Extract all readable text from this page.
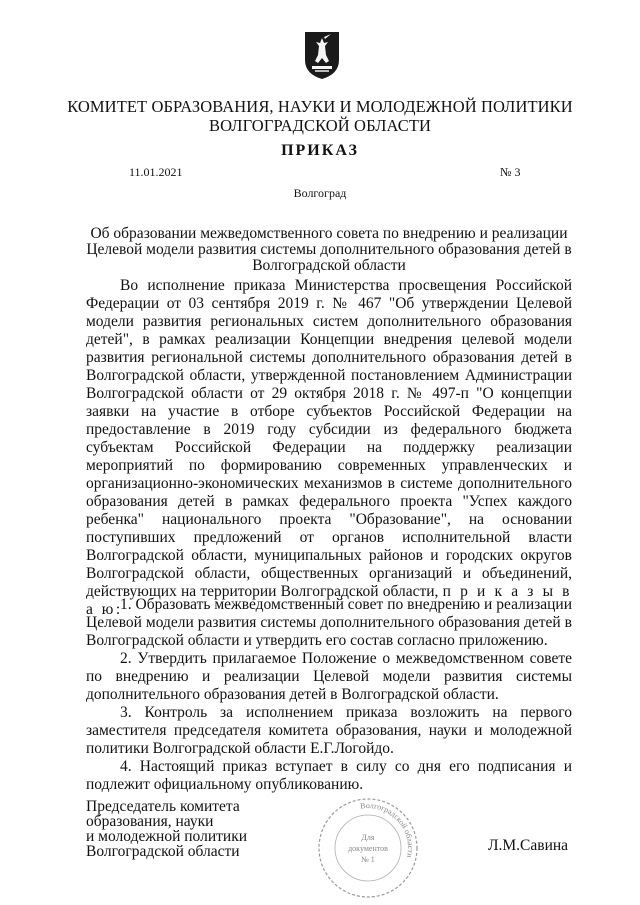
КОМИТЕТ ОБРАЗОВАНИЯ, НАУКИ И МОЛОДЕЖНОЙ ПОЛИТИКИ
ВОЛГОГРАДСКОЙ ОБЛАСТИ
ПРИКАЗ
11.01.2021	№ 3
Волгоград
Об образовании межведомственного совета по внедрению и реализации Целевой модели развития системы дополнительного образования детей в Волгоградской области
Во исполнение приказа Министерства просвещения Российской Федерации от 03 сентября 2019 г. № 467 "Об утверждении Целевой модели развития региональных систем дополнительного образования детей", в рамках реализации Концепции внедрения целевой модели развития региональной системы дополнительного образования детей в Волгоградской области, утвержденной постановлением Администрации Волгоградской области от 29 октября 2018 г. № 497-п "О концепции заявки на участие в отборе субъектов Российской Федерации на предоставление в 2019 году субсидии из федерального бюджета субъектам Российской Федерации на поддержку реализации мероприятий по формированию современных управленческих и организационно-экономических механизмов в системе дополнительного образования детей в рамках федерального проекта "Успех каждого ребенка" национального проекта "Образование", на основании поступивших предложений от органов исполнительной власти Волгоградской области, муниципальных районов и городских округов Волгоградской области, общественных организаций и объединений, действующих на территории Волгоградской области, п р и к а з ы в а ю:
1. Образовать межведомственный совет по внедрению и реализации Целевой модели развития системы дополнительного образования детей в Волгоградской области и утвердить его состав согласно приложению.
2. Утвердить прилагаемое Положение о межведомственном совете по внедрению и реализации Целевой модели развития системы дополнительного образования детей в Волгоградской области.
3. Контроль за исполнением приказа возложить на первого заместителя председателя комитета образования, науки и молодежной политики Волгоградской области Е.Г.Логойдо.
4. Настоящий приказ вступает в силу со дня его подписания и подлежит официальному опубликованию.
Председатель комитета
образования, науки
и молодежной политики
Волгоградской области
Волгоградской области
Для
документов
№ 1
Л.М.Савина
